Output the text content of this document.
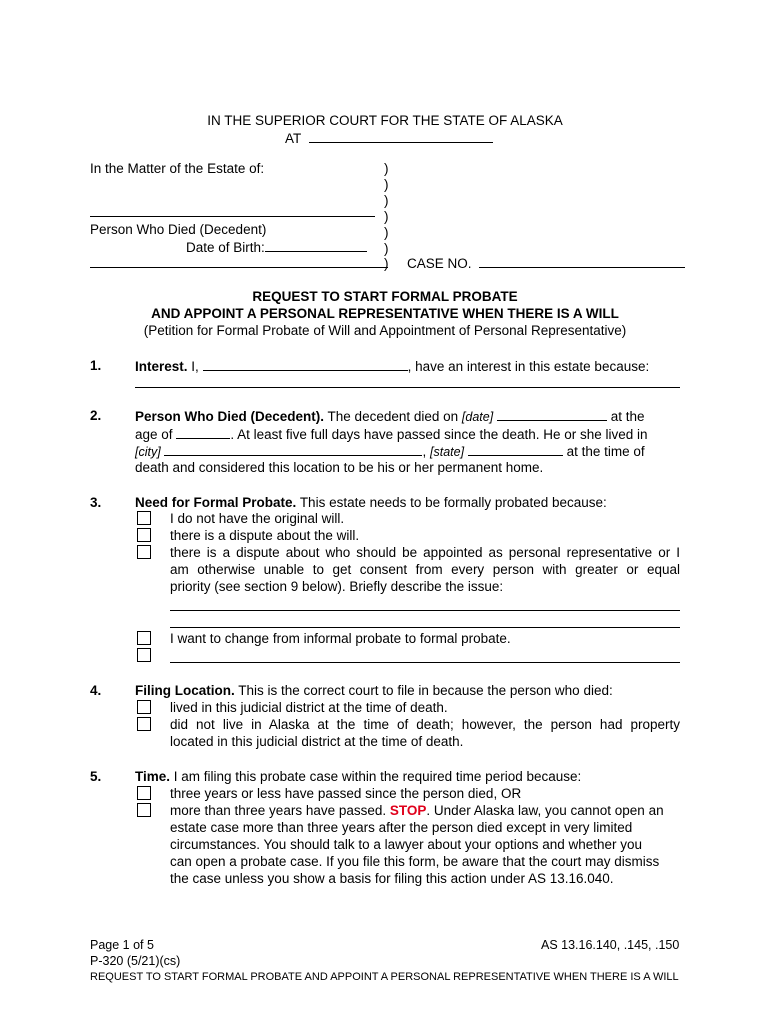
IN THE SUPERIOR COURT FOR THE STATE OF ALASKA
AT
In the Matter of the Estate of:
Person Who Died (Decedent)
Date of Birth:
)
)
)
)
)
)
) CASE NO.
REQUEST TO START FORMAL PROBATE
AND APPOINT A PERSONAL REPRESENTATIVE WHEN THERE IS A WILL
(Petition for Formal Probate of Will and Appointment of Personal Representative)
1. Interest. I,	, have an interest in this estate because:
2. Person Who Died (Decedent). The decedent died on [date]	at the
age of	. At least five full days have passed since the death. He or she lived in
[city]	, [state]	at the time of
death and considered this location to be his or her permanent home.
3. Need for Formal Probate. This estate needs to be formally probated because:
I do not have the original will.
there is a dispute about the will.
there is a dispute about who should be appointed as personal representative or I
am otherwise unable to get consent from every person with greater or equal
priority (see section 9 below). Briefly describe the issue:
I want to change from informal probate to formal probate.
4. Filing Location. This is the correct court to file in because the person who died:
lived in this judicial district at the time of death.
did not live in Alaska at the time of death; however, the person had property
located in this judicial district at the time of death.
5. Time. I am filing this probate case within the required time period because:
three years or less have passed since the person died, OR
more than three years have passed. STOP. Under Alaska law, you cannot open an
estate case more than three years after the person died except in very limited
circumstances. You should talk to a lawyer about your options and whether you
can open a probate case. If you file this form, be aware that the court may dismiss
the case unless you show a basis for filing this action under AS 13.16.040.
Page 1 of 5	AS 13.16.140, .145, .150
P-320 (5/21)(cs)
REQUEST TO START FORMAL PROBATE AND APPOINT A PERSONAL REPRESENTATIVE WHEN THERE IS A WILL
